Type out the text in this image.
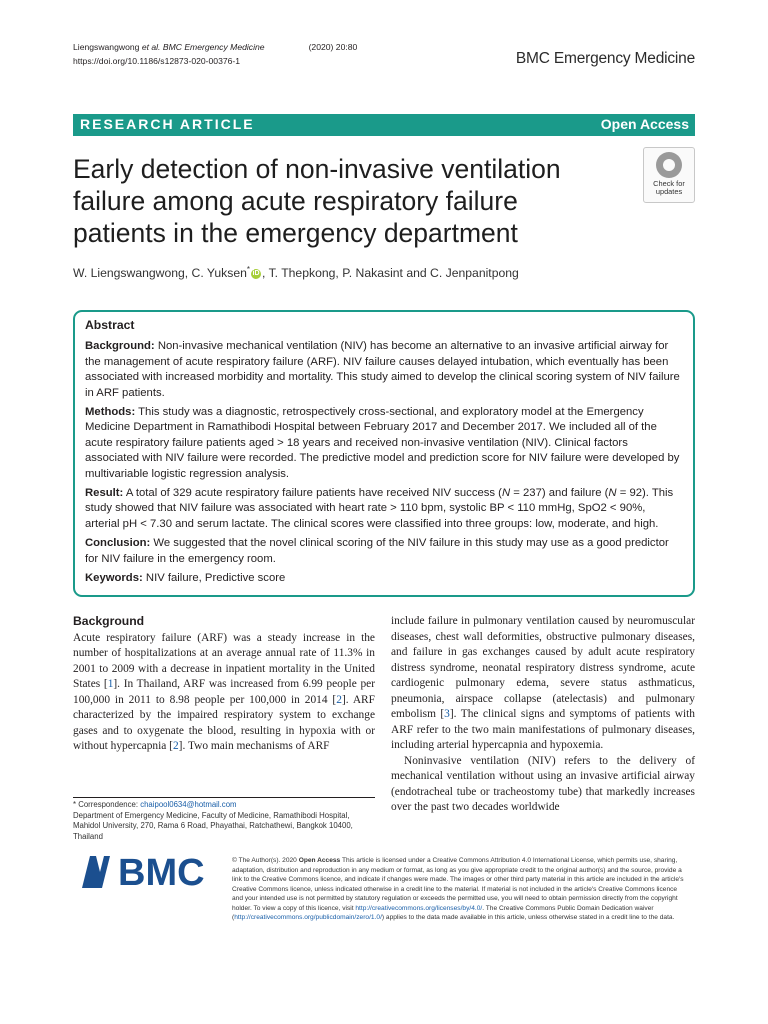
Liengswangwong et al. BMC Emergency Medicine	(2020) 20:80
https://doi.org/10.1186/s12873-020-00376-1	BMC Emergency Medicine
RESEARCH ARTICLE	Open Access
Early detection of non-invasive ventilation
failure among acute respiratory failure
patients in the emergency department
Check for
updates
W. Liengswangwong, C. Yuksen* iD , T. Thepkong, P. Nakasint and C. Jenpanitpong
Abstract

Background: Non-invasive mechanical ventilation (NIV) has become an alternative to an invasive artificial airway for the management of acute respiratory failure (ARF). NIV failure causes delayed intubation, which eventually has been associated with increased morbidity and mortality. This study aimed to develop the clinical scoring system of NIV failure in ARF patients.

Methods: This study was a diagnostic, retrospectively cross-sectional, and exploratory model at the Emergency Medicine Department in Ramathibodi Hospital between February 2017 and December 2017. We included all of the acute respiratory failure patients aged > 18 years and received non-invasive ventilation (NIV). Clinical factors associated with NIV failure were recorded. The predictive model and prediction score for NIV failure were developed by multivariable logistic regression analysis.

Result: A total of 329 acute respiratory failure patients have received NIV success (N = 237) and failure (N = 92). This study showed that NIV failure was associated with heart rate > 110 bpm, systolic BP < 110 mmHg, SpO2 < 90%, arterial pH < 7.30 and serum lactate. The clinical scores were classified into three groups: low, moderate, and high.

Conclusion: We suggested that the novel clinical scoring of the NIV failure in this study may use as a good predictor for NIV failure in the emergency room.

Keywords: NIV failure, Predictive score

Background

Acute respiratory failure (ARF) was a steady increase in the number of hospitalizations at an average annual rate of 11.3% in 2001 to 2009 with a decrease in inpatient mortality in the United States [1]. In Thailand, ARF was increased from 6.99 people per 100,000 in 2011 to 8.98 people per 100,000 in 2014 [2]. ARF characterized by the impaired respiratory system to exchange gases and to oxygenate the blood, resulting in hypoxia with or without hypercapnia [2]. Two main mechanisms of ARF

include failure in pulmonary ventilation caused by neuromuscular diseases, chest wall deformities, obstructive pulmonary diseases, and failure in gas exchanges caused by adult acute respiratory distress syndrome, neonatal respiratory distress syndrome, acute cardiogenic pulmonary edema, severe status asthmaticus, pneumonia, airspace collapse (atelectasis) and pulmonary embolism [3]. The clinical signs and symptoms of patients with ARF refer to the two main manifestations of pulmonary diseases, including arterial hypercapnia and hypoxemia.

Noninvasive ventilation (NIV) refers to the delivery of mechanical ventilation without using an invasive artificial airway (endotracheal tube or tracheostomy tube) that markedly increases over the past two decades worldwide

* Correspondence: chaipool0634@hotmail.com
Department of Emergency Medicine, Faculty of Medicine, Ramathibodi Hospital, Mahidol University, 270, Rama 6 Road, Phayathai, Ratchathewi, Bangkok 10400, Thailand
BMC	© The Author(s). 2020 Open Access This article is licensed under a Creative Commons Attribution 4.0 International License, which permits use, sharing, adaptation, distribution and reproduction in any medium or format, as long as you give appropriate credit to the original author(s) and the source, provide a link to the Creative Commons licence, and indicate if changes were made. The images or other third party material in this article are included in the article's Creative Commons licence, unless indicated otherwise in a credit line to the material. If material is not included in the article's Creative Commons licence and your intended use is not permitted by statutory regulation or exceeds the permitted use, you will need to obtain permission directly from the copyright holder. To view a copy of this licence, visit http://creativecommons.org/licenses/by/4.0/. The Creative Commons Public Domain Dedication waiver (http://creativecommons.org/publicdomain/zero/1.0/) applies to the data made available in this article, unless otherwise stated in a credit line to the data.
